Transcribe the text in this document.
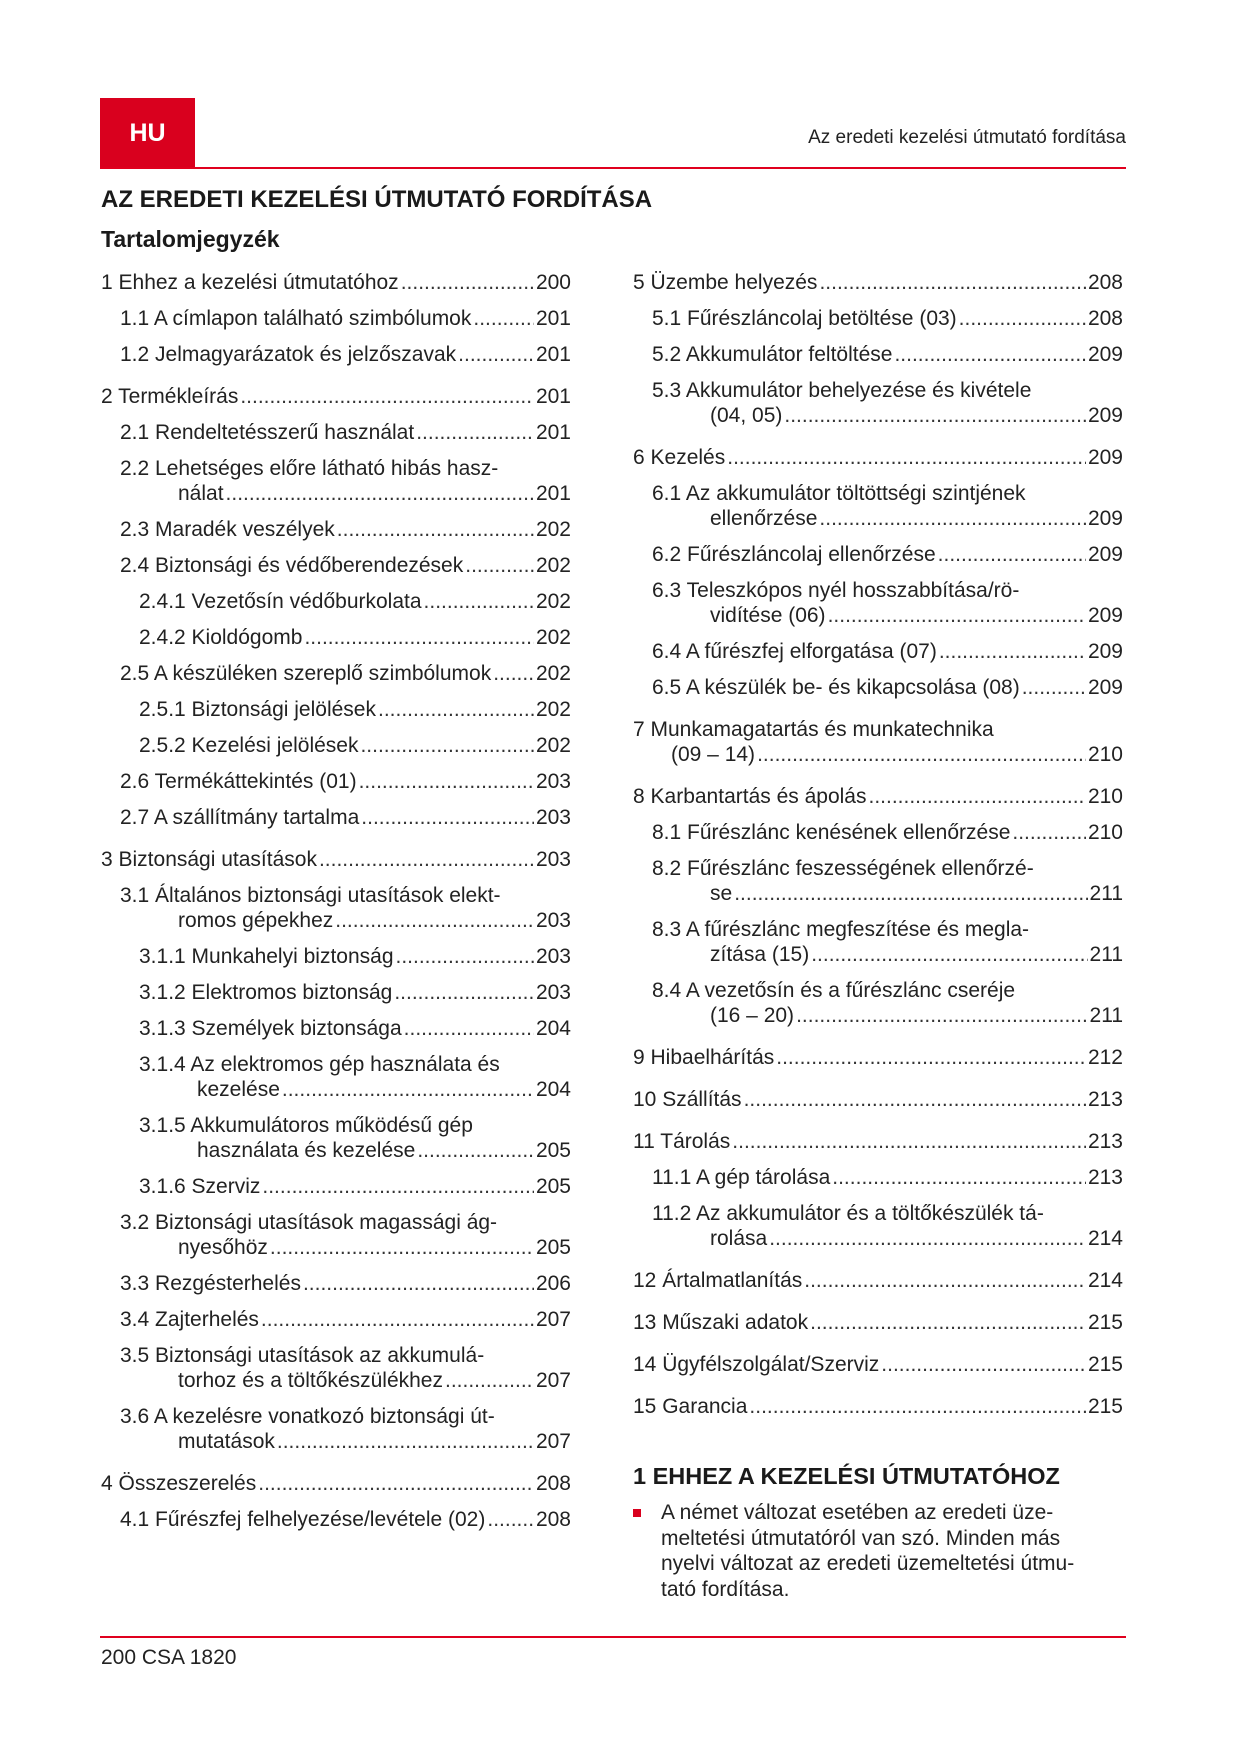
HU	Az eredeti kezelési útmutató fordítása
AZ EREDETI KEZELÉSI ÚTMUTATÓ FORDÍTÁSA
Tartalomjegyzék
1 Ehhez a kezelési útmutatóhoz .....	200
1.1 A címlapon található szimbólumok .....	201
1.2 Jelmagyarázatok és jelzőszavak .....	201
2 Termékleírás .....	201
2.1 Rendeltetésszerű használat .....	201
2.2 Lehetséges előre látható hibás hasz-
nálat .....	201
2.3 Maradék veszélyek .....	202
2.4 Biztonsági és védőberendezések .....	202
2.4.1 Vezetősín védőburkolata .....	202
2.4.2 Kioldógomb .....	202
2.5 A készüléken szereplő szimbólumok ..... 202
2.5.1 Biztonsági jelölések .....	202
2.5.2 Kezelési jelölések .....	202
2.6 Termékáttekintés (01) .....	203
2.7 A szállítmány tartalma .....	203
3 Biztonsági utasítások .....	203
3.1 Általános biztonsági utasítások elekt-
romos gépekhez .....	203
3.1.1 Munkahelyi biztonság .....	203
3.1.2 Elektromos biztonság .....	203
3.1.3 Személyek biztonsága .....	204
3.1.4 Az elektromos gép használata és
kezelése .....	204
3.1.5 Akkumulátoros működésű gép
használata és kezelése .....	205
3.1.6 Szerviz .....	205
3.2 Biztonsági utasítások magassági ág-
nyesőhöz .....	205
3.3 Rezgésterhelés .....	206
3.4 Zajterhelés .....	207
3.5 Biztonsági utasítások az akkumulá-
torhoz és a töltőkészülékhez .....	207
3.6 A kezelésre vonatkozó biztonsági út-
mutatások .....	207
4 Összeszerelés .....	208
4.1 Fűrészfej felhelyezése/levétele (02) ..... 208
5 Üzembe helyezés .....	208
5.1 Fűrészláncolaj betöltése (03) .....	208
5.2 Akkumulátor feltöltése .....	209
5.3 Akkumulátor behelyezése és kivétele
(04, 05) .....	209
6 Kezelés .....	209
6.1 Az akkumulátor töltöttségi szintjének
ellenőrzése .....	209
6.2 Fűrészláncolaj ellenőrzése .....	209
6.3 Teleszkópos nyél hosszabbítása/rö-
vidítése (06) .....	209
6.4 A fűrészfej elforgatása (07) .....	209
6.5 A készülék be- és kikapcsolása (08) .....	209
7 Munkamagatartás és munkatechnika
(09 – 14) .....	210
8 Karbantartás és ápolás .....	210
8.1 Fűrészlánc kenésének ellenőrzése .....	210
8.2 Fűrészlánc feszességének ellenőrzé-
se .....	211
8.3 A fűrészlánc megfeszítése és megla-
zítása (15) .....	211
8.4 A vezetősín és a fűrészlánc cseréje
(16 – 20) .....	211
9 Hibaelhárítás .....	212
10 Szállítás .....	213
11 Tárolás .....	213
11.1 A gép tárolása .....	213
11.2 Az akkumulátor és a töltőkészülék tá-
rolása .....	214
12 Ártalmatlanítás .....	214
13 Műszaki adatok .....	215
14 Ügyfélszolgálat/Szerviz .....	215
15 Garancia .....	215
1 EHHEZ A KEZELÉSI ÚTMUTATÓHOZ
A német változat esetében az eredeti üze-meltetési útmutatóról van szó. Minden más nyelvi változat az eredeti üzemeltetési útmu-tató fordítása.
200 CSA 1820
